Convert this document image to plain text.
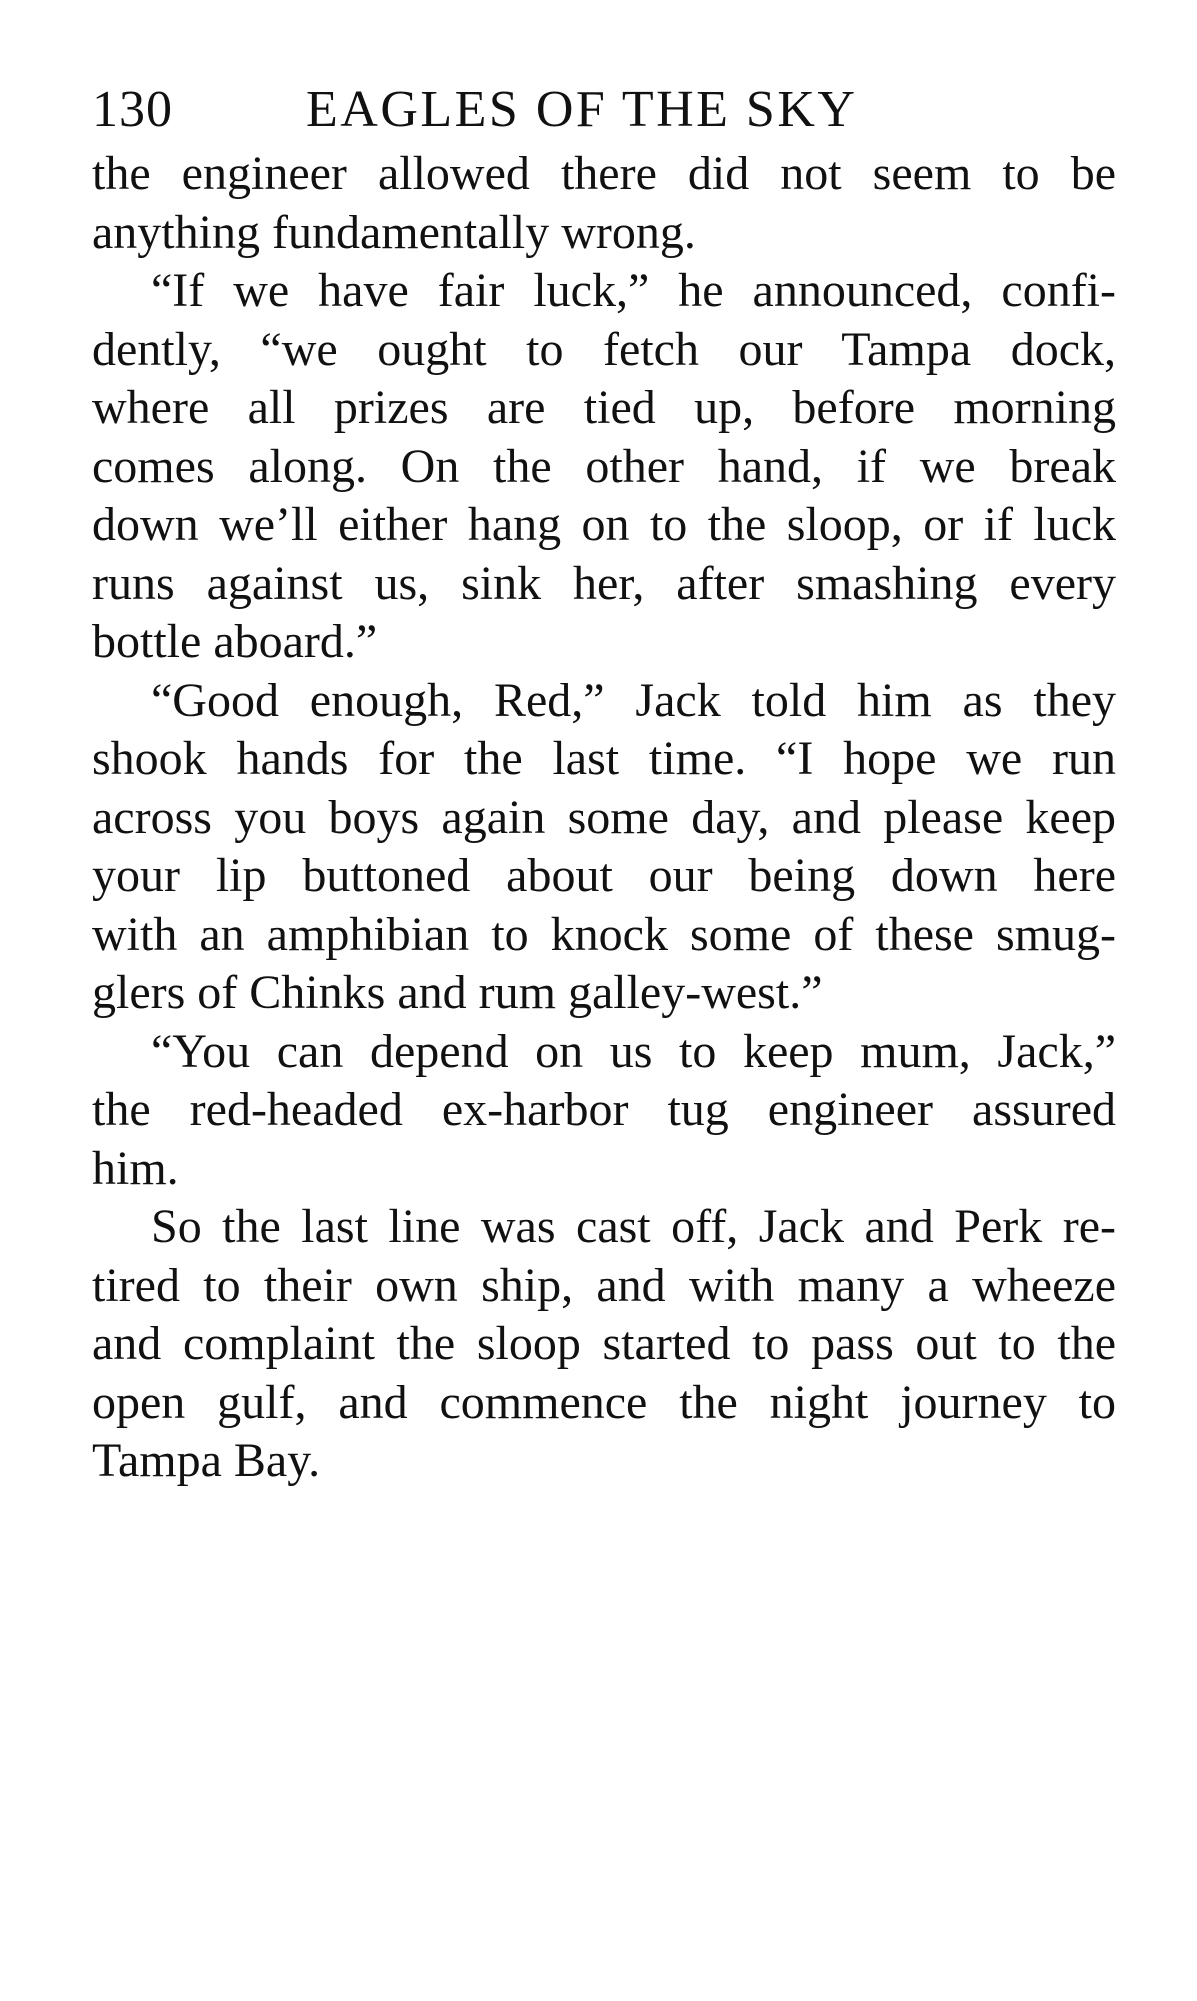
130	EAGLES OF THE SKY
the engineer allowed there did not seem to be
anything fundamentally wrong.
“If we have fair luck,” he announced, confi-
dently, “we ought to fetch our Tampa dock,
where all prizes are tied up, before morning
comes along. On the other hand, if we break
down we’ll either hang on to the sloop, or if luck
runs against us, sink her, after smashing every
bottle aboard.”
“Good enough, Red,” Jack told him as they
shook hands for the last time. “I hope we run
across you boys again some day, and please keep
your lip buttoned about our being down here
with an amphibian to knock some of these smug-
glers of Chinks and rum galley-west.”
“You can depend on us to keep mum, Jack,”
the red-headed ex-harbor tug engineer assured
him.
So the last line was cast off, Jack and Perk re-
tired to their own ship, and with many a wheeze
and complaint the sloop started to pass out to the
open gulf, and commence the night journey to
Tampa Bay.
